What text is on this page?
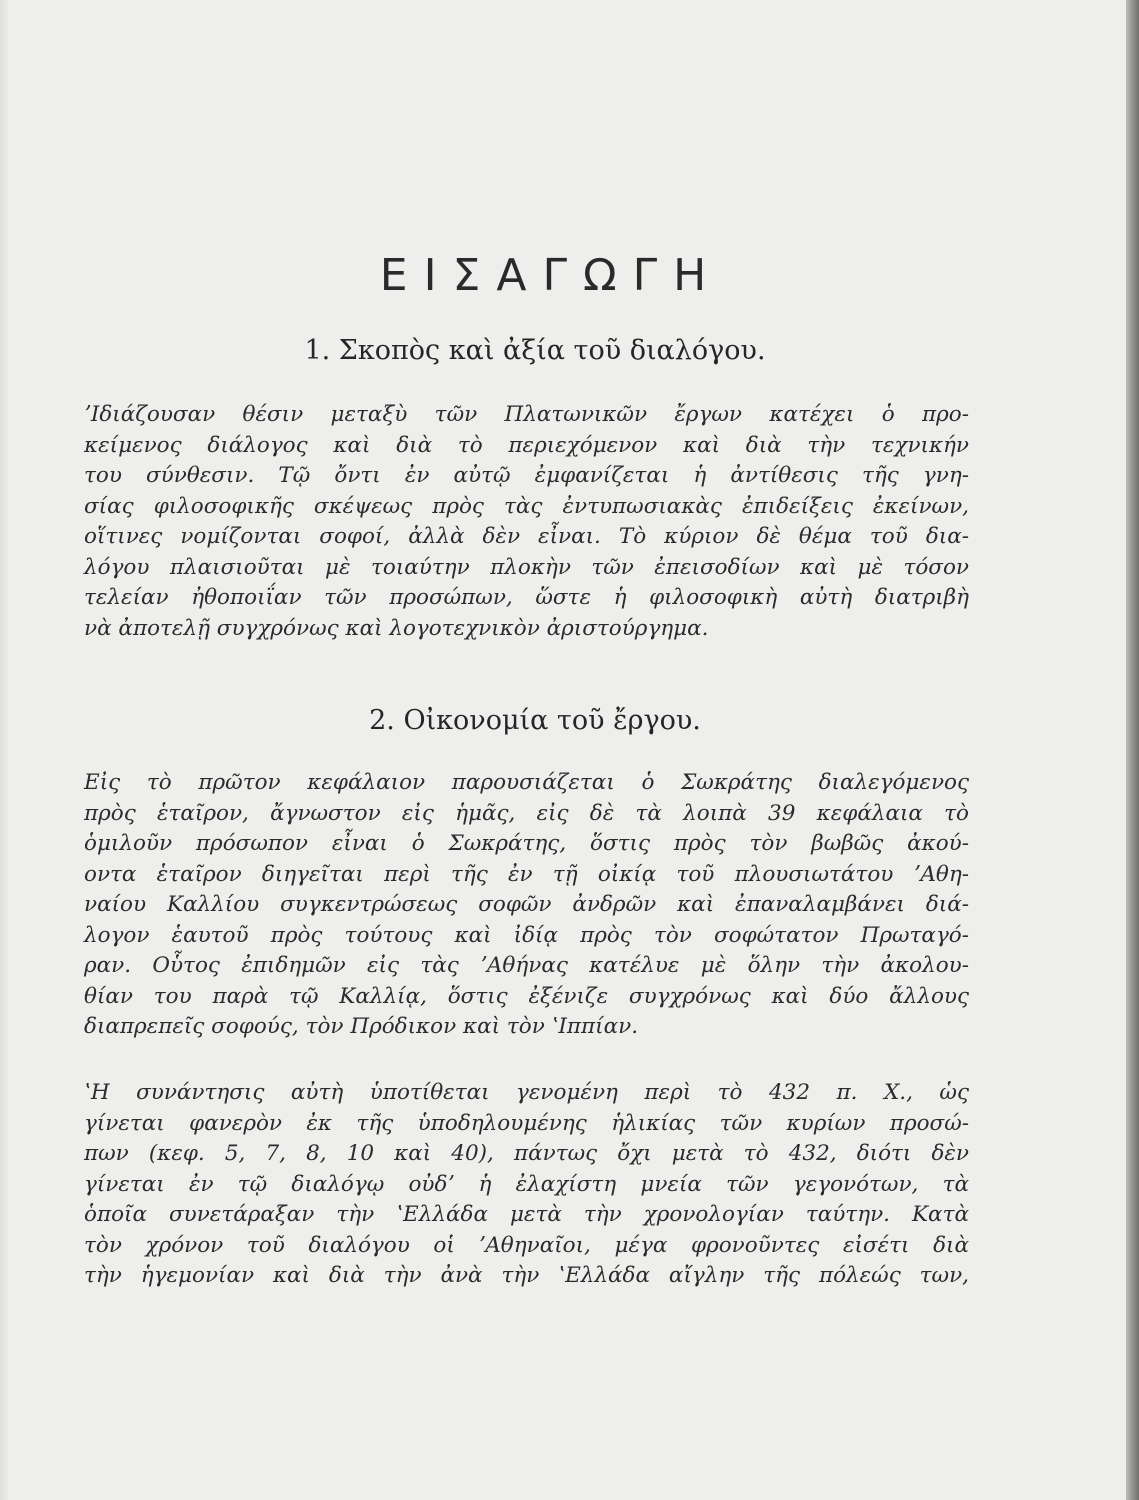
ΕΙΣΑΓΩΓΗ
1. Σκοπὸς καὶ ἀξία τοῦ διαλόγου.
ʼΙδιάζουσαν θέσιν μεταξὺ τῶν Πλατωνικῶν ἔργων κατέχει ὁ προ-
κείμενος διάλογος καὶ διὰ τὸ περιεχόμενον καὶ διὰ τὴν τεχνικήν
του σύνθεσιν. Τῷ ὄντι ἐν αὐτῷ ἐμφανίζεται ἡ ἀντίθεσις τῆς γνη-
σίας φιλοσοφικῆς σκέψεως πρὸς τὰς ἐντυπωσιακὰς ἐπιδείξεις ἐκείνων,
οἵτινες νομίζονται σοφοί, ἀλλὰ δὲν εἶναι. Τὸ κύριον δὲ θέμα τοῦ δια-
λόγου πλαισιοῦται μὲ τοιαύτην πλοκὴν τῶν ἐπεισοδίων καὶ μὲ τόσον
τελείαν ἠθοποιΐαν τῶν προσώπων, ὥστε ἡ φιλοσοφικὴ αὐτὴ διατριβὴ
νὰ ἀποτελῇ συγχρόνως καὶ λογοτεχνικὸν ἀριστούργημα.
2. Οἰκονομία τοῦ ἔργου.
Εἰς τὸ πρῶτον κεφάλαιον παρουσιάζεται ὁ Σωκράτης διαλεγόμενος
πρὸς ἑταῖρον, ἄγνωστον εἰς ἡμᾶς, εἰς δὲ τὰ λοιπὰ 39 κεφάλαια τὸ
ὁμιλοῦν πρόσωπον εἶναι ὁ Σωκράτης, ὅστις πρὸς τὸν βωβῶς ἀκού-
οντα ἑταῖρον διηγεῖται περὶ τῆς ἐν τῇ οἰκίᾳ τοῦ πλουσιωτάτου ʼΑθη-
ναίου Καλλίου συγκεντρώσεως σοφῶν ἀνδρῶν καὶ ἐπαναλαμβάνει διά-
λογον ἑαυτοῦ πρὸς τούτους καὶ ἰδίᾳ πρὸς τὸν σοφώτατον Πρωταγό-
ραν. Οὗτος ἐπιδημῶν εἰς τὰς ʼΑθήνας κατέλυε μὲ ὅλην τὴν ἀκολου-
θίαν του παρὰ τῷ Καλλίᾳ, ὅστις ἐξένιζε συγχρόνως καὶ δύο ἄλλους
διαπρεπεῖς σοφούς, τὸν Πρόδικον καὶ τὸν ʽΙππίαν.
ʽΗ συνάντησις αὐτὴ ὑποτίθεται γενομένη περὶ τὸ 432 π. Χ., ὡς
γίνεται φανερὸν ἐκ τῆς ὑποδηλουμένης ἡλικίας τῶν κυρίων προσώ-
πων (κεφ. 5, 7, 8, 10 καὶ 40), πάντως ὄχι μετὰ τὸ 432, διότι δὲν
γίνεται ἐν τῷ διαλόγῳ οὐδʼ ἡ ἐλαχίστη μνεία τῶν γεγονότων, τὰ
ὁποῖα συνετάραξαν τὴν ʽΕλλάδα μετὰ τὴν χρονολογίαν ταύτην. Κατὰ
τὸν χρόνον τοῦ διαλόγου οἱ ʼΑθηναῖοι, μέγα φρονοῦντες εἰσέτι διὰ
τὴν ἡγεμονίαν καὶ διὰ τὴν ἀνὰ τὴν ʽΕλλάδα αἴγλην τῆς πόλεώς των,
